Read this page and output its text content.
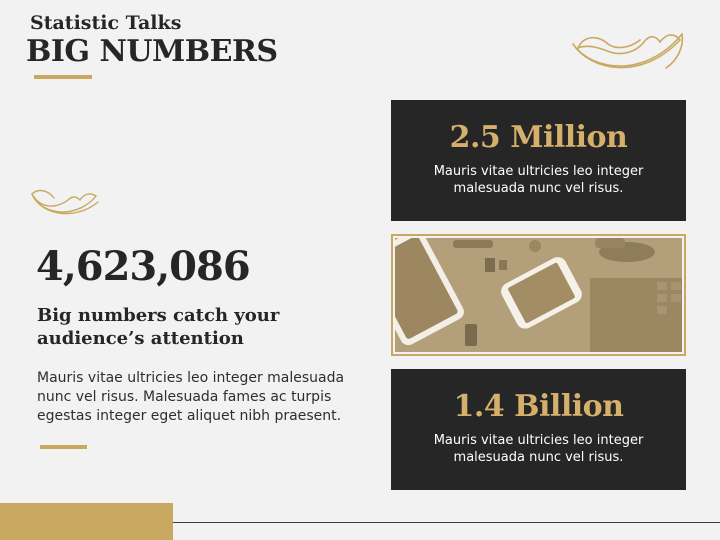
Statistic Talks
BIG NUMBERS
4,623,086
Big numbers catch your audience’s attention
Mauris vitae ultricies leo integer malesuada nunc vel risus. Malesuada fames ac turpis egestas integer eget aliquet nibh praesent.
2.5 Million
Mauris vitae ultricies leo integer
malesuada nunc vel risus.
1.4 Billion
Mauris vitae ultricies leo integer
malesuada nunc vel risus.
